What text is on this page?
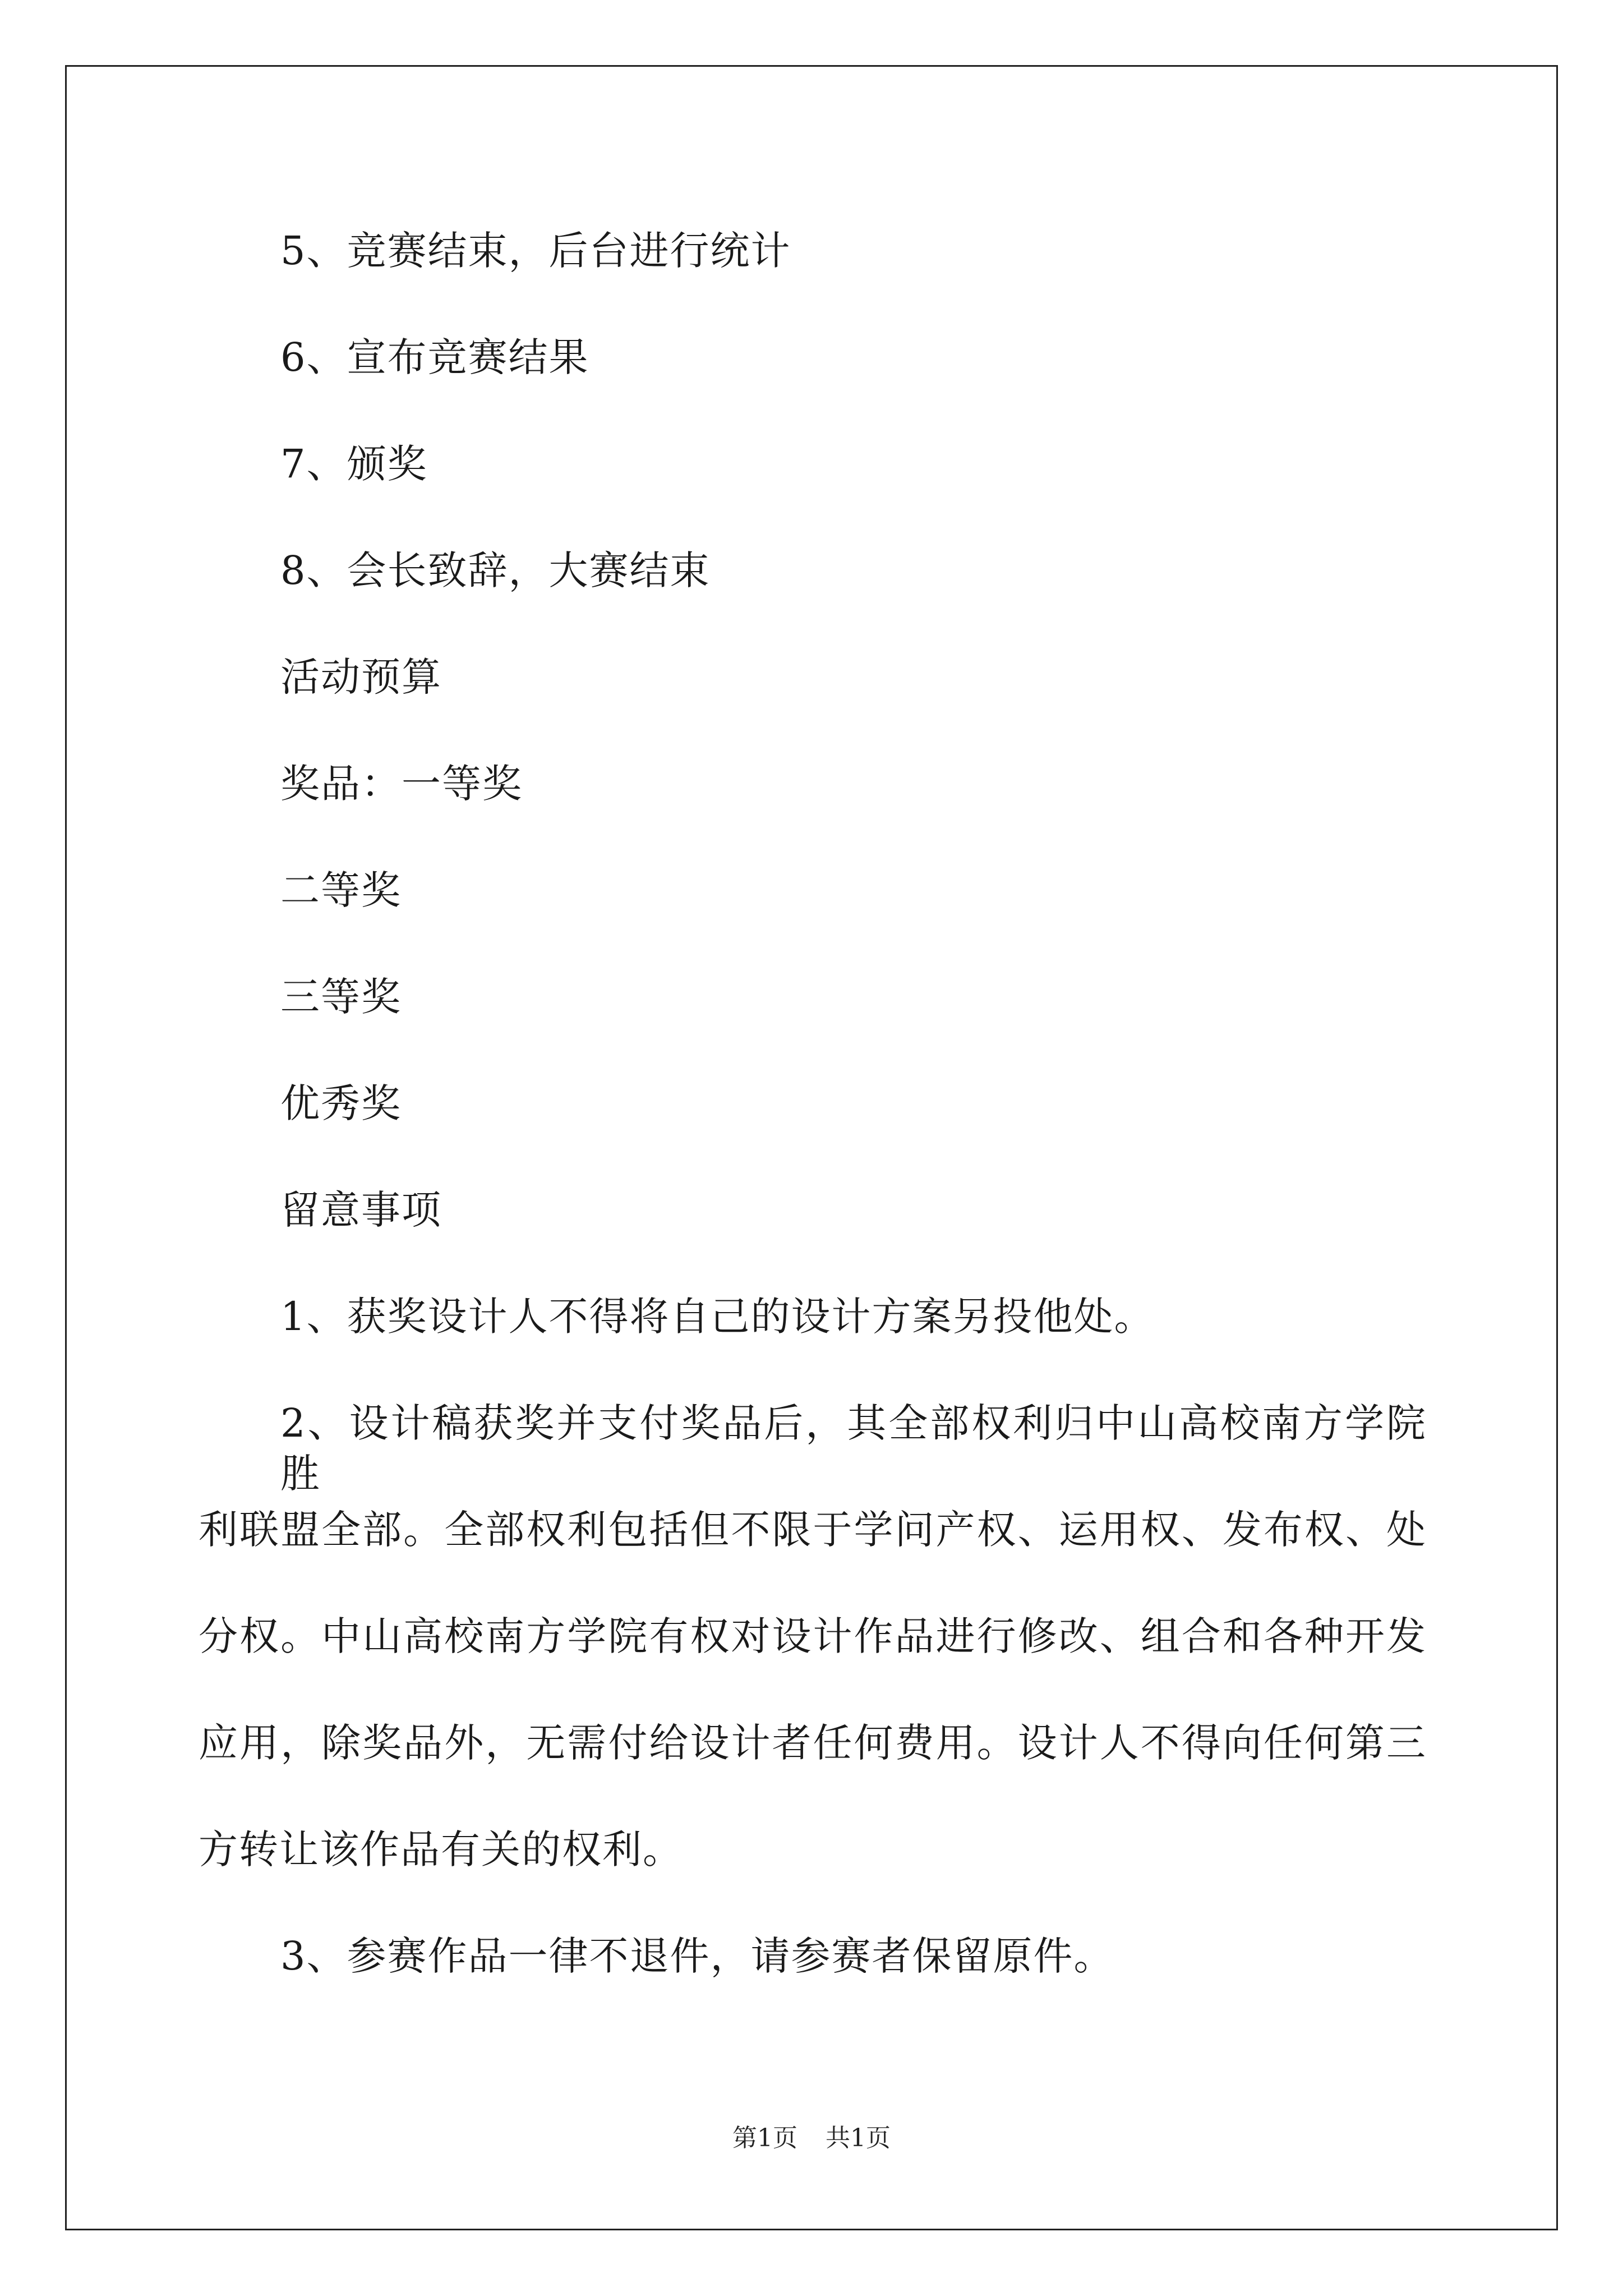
5、竞赛结束，后台进行统计

6、宣布竞赛结果

7、颁奖

8、会长致辞，大赛结束

活动预算

奖品：一等奖

二等奖

三等奖

优秀奖

留意事项

1、获奖设计人不得将自己的设计方案另投他处。

2、设计稿获奖并支付奖品后，其全部权利归中山高校南方学院胜

利联盟全部。全部权利包括但不限于学问产权、运用权、发布权、处

分权。中山高校南方学院有权对设计作品进行修改、组合和各种开发

应用，除奖品外，无需付给设计者任何费用。设计人不得向任何第三

方转让该作品有关的权利。

3、参赛作品一律不退件，请参赛者保留原件。

第1页 共1页
